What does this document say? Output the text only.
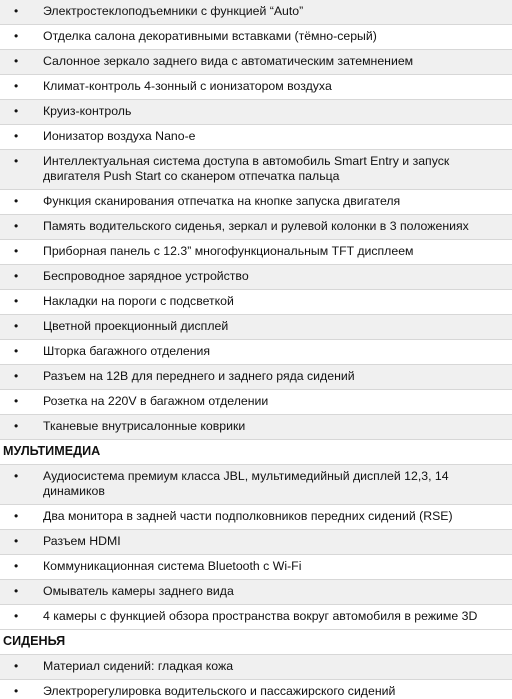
•	Электростеклоподъемники с функцией “Auto”
•	Отделка салона декоративными вставками (тёмно-серый)
•	Салонное зеркало заднего вида с автоматическим затемнением
•	Климат-контроль 4-зонный с ионизатором воздуха
•	Круиз-контроль
•	Ионизатор воздуха Nano-e
•	Интеллектуальная система доступа в автомобиль Smart Entry и запуск двигателя Push Start со сканером отпечатка пальца
•	Функция сканирования отпечатка на кнопке запуска двигателя
•	Память водительского сиденья, зеркал и рулевой колонки в 3 положениях
•	Приборная панель с 12.3” многофункциональным TFT дисплеем
•	Беспроводное зарядное устройство
•	Накладки на пороги с подсветкой
•	Цветной проекционный дисплей
•	Шторка багажного отделения
•	Разъем на 12В для переднего и заднего ряда сидений
•	Розетка на 220V в багажном отделении
•	Тканевые внутрисалонные коврики
МУЛЬТИМЕДИА
•	Аудиосистема премиум класса JBL, мультимедийный дисплей 12,3, 14 динамиков
•	Два монитора в задней части подполковников передних сидений (RSE)
•	Разъем HDMI
•	Коммуникационная система Bluetooth с Wi-Fi
•	Омыватель камеры заднего вида
•	4 камеры с функцией обзора пространства вокруг автомобиля в режиме 3D
СИДЕНЬЯ
•	Материал сидений: гладкая кожа
•	Электрорегулировка водительского и пассажирского сидений
